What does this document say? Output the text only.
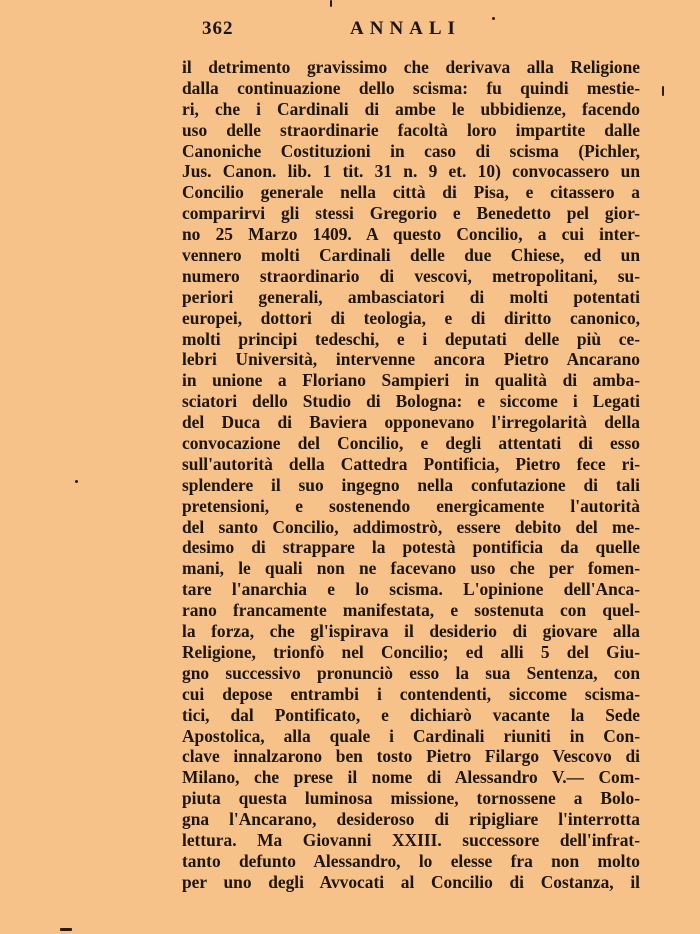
362	ANNALI
il detrimento gravissimo che derivava alla Religione
dalla continuazione dello scisma: fu quindi mestie-
ri, che i Cardinali di ambe le ubbidienze, facendo
uso delle straordinarie facoltà loro impartite dalle
Canoniche Costituzioni in caso di scisma (Pichler,
Jus. Canon. lib. 1 tit. 31 n. 9 et. 10) convocassero un
Concilio generale nella città di Pisa, e citassero a
comparirvi gli stessi Gregorio e Benedetto pel gior-
no 25 Marzo 1409. A questo Concilio, a cui inter-
vennero molti Cardinali delle due Chiese, ed un
numero straordinario di vescovi, metropolitani, su-
periori generali, ambasciatori di molti potentati
europei, dottori di teologia, e di diritto canonico,
molti principi tedeschi, e i deputati delle più ce-
lebri Università, intervenne ancora Pietro Ancarano
in unione a Floriano Sampieri in qualità di amba-
sciatori dello Studio di Bologna: e siccome i Legati
del Duca di Baviera opponevano l'irregolarità della
convocazione del Concilio, e degli attentati di esso
sull'autorità della Cattedra Pontificia, Pietro fece ri-
splendere il suo ingegno nella confutazione di tali
pretensioni, e sostenendo energicamente l'autorità
del santo Concilio, addimostrò, essere debito del me-
desimo di strappare la potestà pontificia da quelle
mani, le quali non ne facevano uso che per fomen-
tare l'anarchia e lo scisma. L'opinione dell'Anca-
rano francamente manifestata, e sostenuta con quel-
la forza, che gl'ispirava il desiderio di giovare alla
Religione, trionfò nel Concilio; ed alli 5 del Giu-
gno successivo pronunciò esso la sua Sentenza, con
cui depose entrambi i contendenti, siccome scisma-
tici, dal Pontificato, e dichiarò vacante la Sede
Apostolica, alla quale i Cardinali riuniti in Con-
clave innalzarono ben tosto Pietro Filargo Vescovo di
Milano, che prese il nome di Alessandro V.— Com-
piuta questa luminosa missione, tornossene a Bolo-
gna l'Ancarano, desideroso di ripigliare l'interrotta
lettura. Ma Giovanni XXIII. successore dell'infrat-
tanto defunto Alessandro, lo elesse fra non molto
per uno degli Avvocati al Concilio di Costanza, il
